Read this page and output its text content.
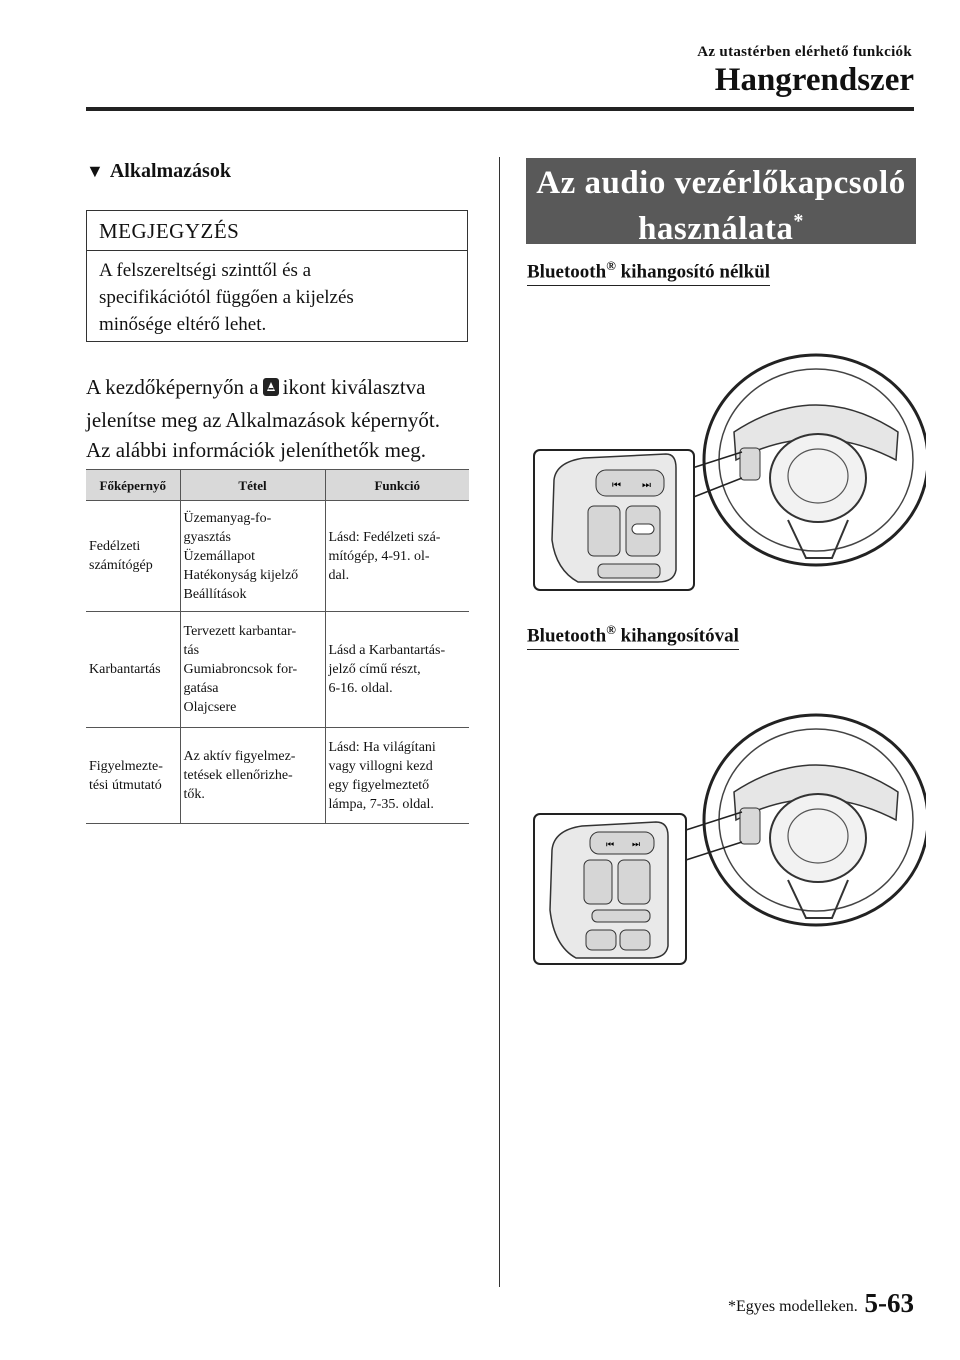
Az utastérben elérhető funkciók
Hangrendszer
▼ Alkalmazások
MEGJEGYZÉS
A felszereltségi szinttől és a
specifikációtól függően a kijelzés
minősége eltérő lehet.
A kezdőképernyőn a ikont kiválasztva
jelenítse meg az Alkalmazások képernyőt.
Az alábbi információk jeleníthetők meg.
Főképernyő	Tétel	Funkció

Fedélzeti
számítógép	Üzemanyag-fo-
gyasztás
Üzemállapot
Hatékonyság kijelző
Beállítások	Lásd: Fedélzeti szá-
mítógép, 4-91. ol-
dal.

Karbantartás	Tervezett karbantar-
tás
Gumiabroncsok for-
gatása
Olajcsere	Lásd a Karbantartás-
jelző című részt,
6-16. oldal.

Figyelmezte-
tési útmutató	Az aktív figyelmez-
tetések ellenőrizhe-
tők.	Lásd: Ha világítani
vagy villogni kezd
egy figyelmeztető
lámpa, 7-35. oldal.
Az audio vezérlőkapcsoló
használata*
Bluetooth® kihangosító nélkül
⏮ ⏭
Bluetooth® kihangosítóval
⏮ ⏭
*Egyes modelleken. 5-63
